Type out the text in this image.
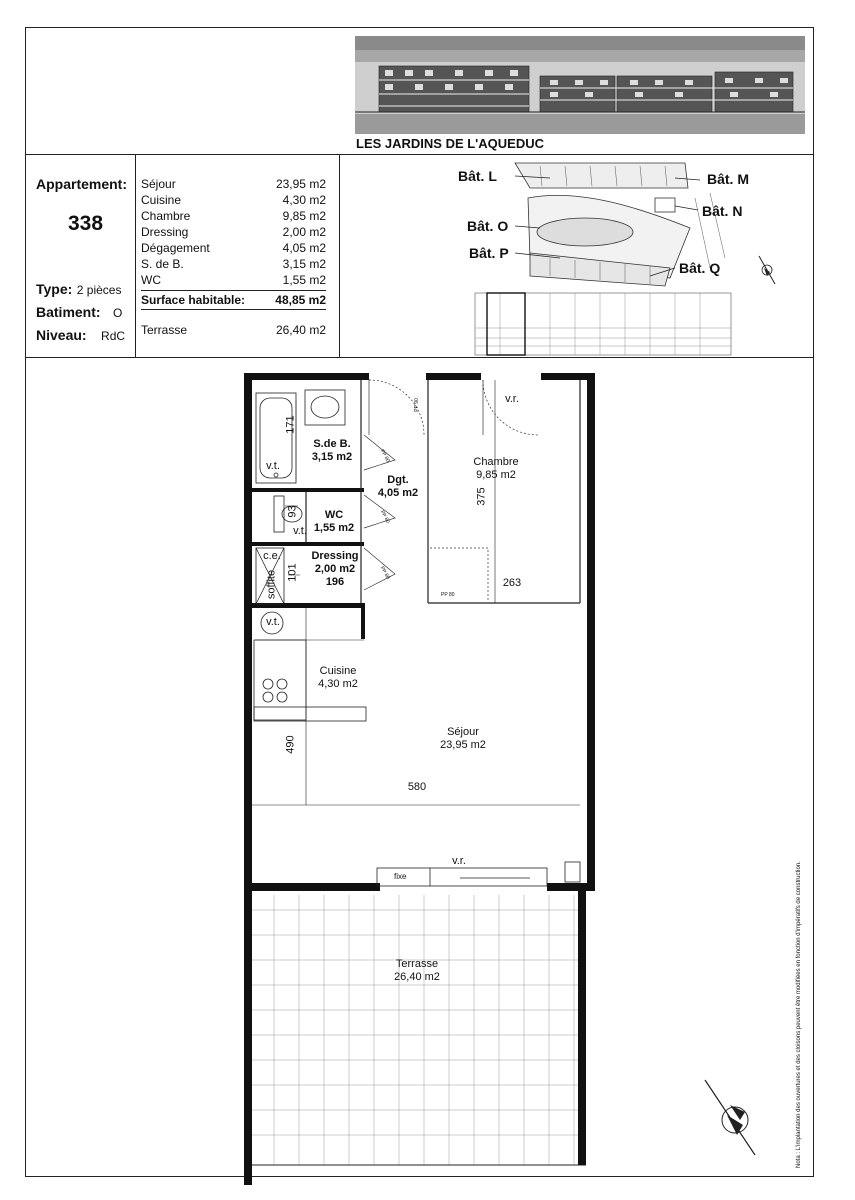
LES JARDINS DE L'AQUEDUC
Appartement:
338
Type: 2 pièces
Batiment: O
Niveau: RdC
Séjour	23,95 m2
Cuisine	4,30 m2
Chambre	9,85 m2
Dressing	2,00 m2
Dégagement	4,05 m2
S. de B.	3,15 m2
WC	1,55 m2
Surface habitable:	48,85 m2
Terrasse	26,40 m2
Bât. L	Bât. M
Bât. N
Bât. O
Bât. P
Bât. Q
S.de B.
3,15 m2
Dgt.
4,05 m2
WC
1,55 m2
Dressing
2,00 m2
196
Chambre
9,85 m2
Cuisine
4,30 m2
Séjour
23,95 m2
Terrasse
26,40 m2
580
263
375
490
171
93
101
v.r.
v.r.
fixe
v.t.
v.t.
v.t.
c.e.
soffite
PP 90
PP 80
PP 80
PP 80
PP 80
Nota : L'implantation des ouvertures et des cloisons peuvent être modifiées en fonction d'impératifs de construction.
